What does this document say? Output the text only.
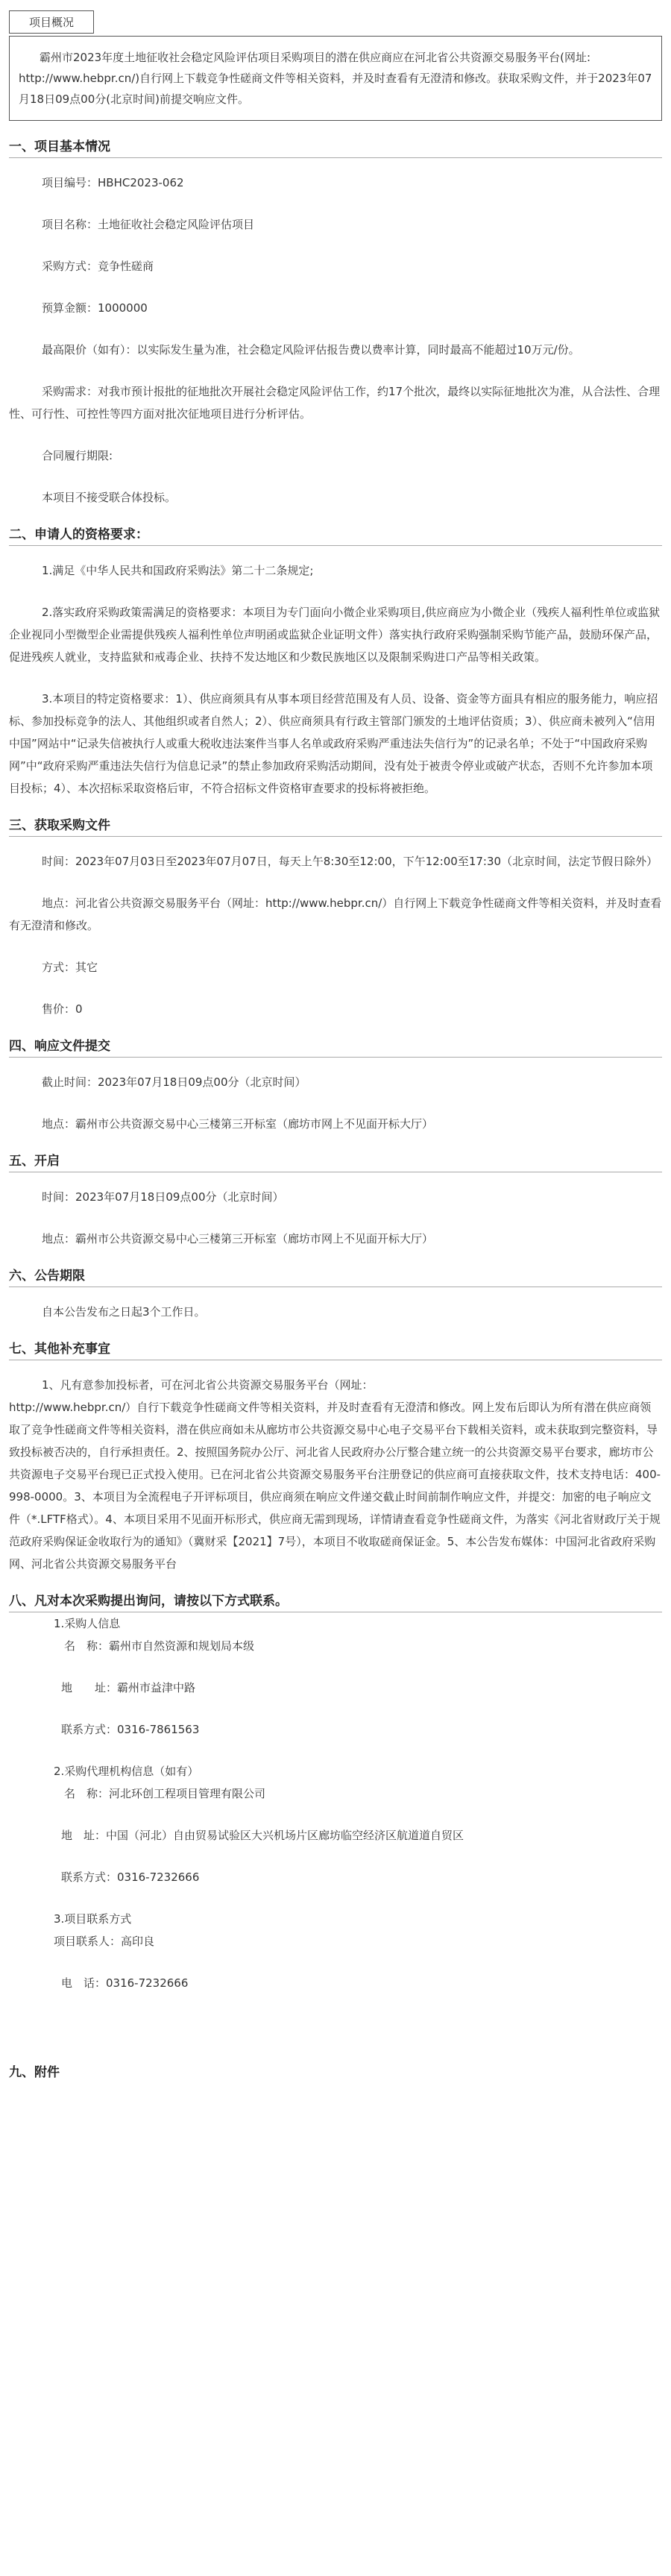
项目概况
霸州市2023年度土地征收社会稳定风险评估项目采购项目的潜在供应商应在河北省公共资源交易服务平台(网址: http://www.hebpr.cn/)自行网上下载竞争性磋商文件等相关资料，并及时查看有无澄清和修改。获取采购文件，并于2023年07月18日09点00分(北京时间)前提交响应文件。
一、项目基本情况

项目编号：HBHC2023-062

项目名称：土地征收社会稳定风险评估项目

采购方式：竞争性磋商

预算金额：1000000

最高限价（如有）：以实际发生量为准，社会稳定风险评估报告费以费率计算，同时最高不能超过10万元/份。

采购需求：对我市预计报批的征地批次开展社会稳定风险评估工作，约17个批次，最终以实际征地批次为准，从合法性、合理性、可行性、可控性等四方面对批次征地项目进行分析评估。

合同履行期限:

本项目不接受联合体投标。

二、申请人的资格要求：

1.满足《中华人民共和国政府采购法》第二十二条规定;

2.落实政府采购政策需满足的资格要求：本项目为专门面向小微企业采购项目,供应商应为小微企业（残疾人福利性单位或监狱企业视同小型微型企业需提供残疾人福利性单位声明函或监狱企业证明文件）落实执行政府采购强制采购节能产品，鼓励环保产品，促进残疾人就业，支持监狱和戒毒企业、扶持不发达地区和少数民族地区以及限制采购进口产品等相关政策。

3.本项目的特定资格要求：1）、供应商须具有从事本项目经营范围及有人员、设备、资金等方面具有相应的服务能力，响应招标、参加投标竞争的法人、其他组织或者自然人；2）、供应商须具有行政主管部门颁发的土地评估资质；3）、供应商未被列入“信用中国”网站中“记录失信被执行人或重大税收违法案件当事人名单或政府采购严重违法失信行为”的记录名单；不处于“中国政府采购网”中“政府采购严重违法失信行为信息记录”的禁止参加政府采购活动期间，没有处于被责令停业或破产状态，否则不允许参加本项目投标；4）、本次招标采取资格后审，不符合招标文件资格审查要求的投标将被拒绝。

三、获取采购文件

时间：2023年07月03日至2023年07月07日，每天上午8:30至12:00，下午12:00至17:30（北京时间，法定节假日除外）

地点：河北省公共资源交易服务平台（网址：http://www.hebpr.cn/）自行网上下载竞争性磋商文件等相关资料，并及时查看有无澄清和修改。

方式：其它

售价：0

四、响应文件提交

截止时间：2023年07月18日09点00分（北京时间）

地点：霸州市公共资源交易中心三楼第三开标室（廊坊市网上不见面开标大厅）

五、开启

时间：2023年07月18日09点00分（北京时间）

地点：霸州市公共资源交易中心三楼第三开标室（廊坊市网上不见面开标大厅）

六、公告期限

自本公告发布之日起3个工作日。

七、其他补充事宜

1、凡有意参加投标者，可在河北省公共资源交易服务平台（网址：

http://www.hebpr.cn/）自行下载竞争性磋商文件等相关资料，并及时查看有无澄清和修改。网上发布后即认为所有潜在供应商领取了竞争性磋商文件等相关资料，潜在供应商如未从廊坊市公共资源交易中心电子交易平台下载相关资料，或未获取到完整资料，导致投标被否决的，自行承担责任。2、按照国务院办公厅、河北省人民政府办公厅整合建立统一的公共资源交易平台要求，廊坊市公共资源电子交易平台现已正式投入使用。已在河北省公共资源交易服务平台注册登记的供应商可直接获取文件，技术支持电话：400-998-0000。3、本项目为全流程电子开评标项目，供应商须在响应文件递交截止时间前制作响应文件，并提交：加密的电子响应文件（*.LFTF格式）。4、本项目采用不见面开标形式，供应商无需到现场，详情请查看竞争性磋商文件，为落实《河北省财政厅关于规范政府采购保证金收取行为的通知》（冀财采【2021】7号），本项目不收取磋商保证金。5、本公告发布媒体：中国河北省政府采购网、河北省公共资源交易服务平台

八、凡对本次采购提出询问，请按以下方式联系。
1.采购人信息
名　称：霸州市自然资源和规划局本级
地　　址：霸州市益津中路
联系方式：0316-7861563
2.采购代理机构信息（如有）
名　称：河北环创工程项目管理有限公司
地　址：中国（河北）自由贸易试验区大兴机场片区廊坊临空经济区航道道自贸区
联系方式：0316-7232666
3.项目联系方式
项目联系人：高印良
电　话：0316-7232666
九、附件
